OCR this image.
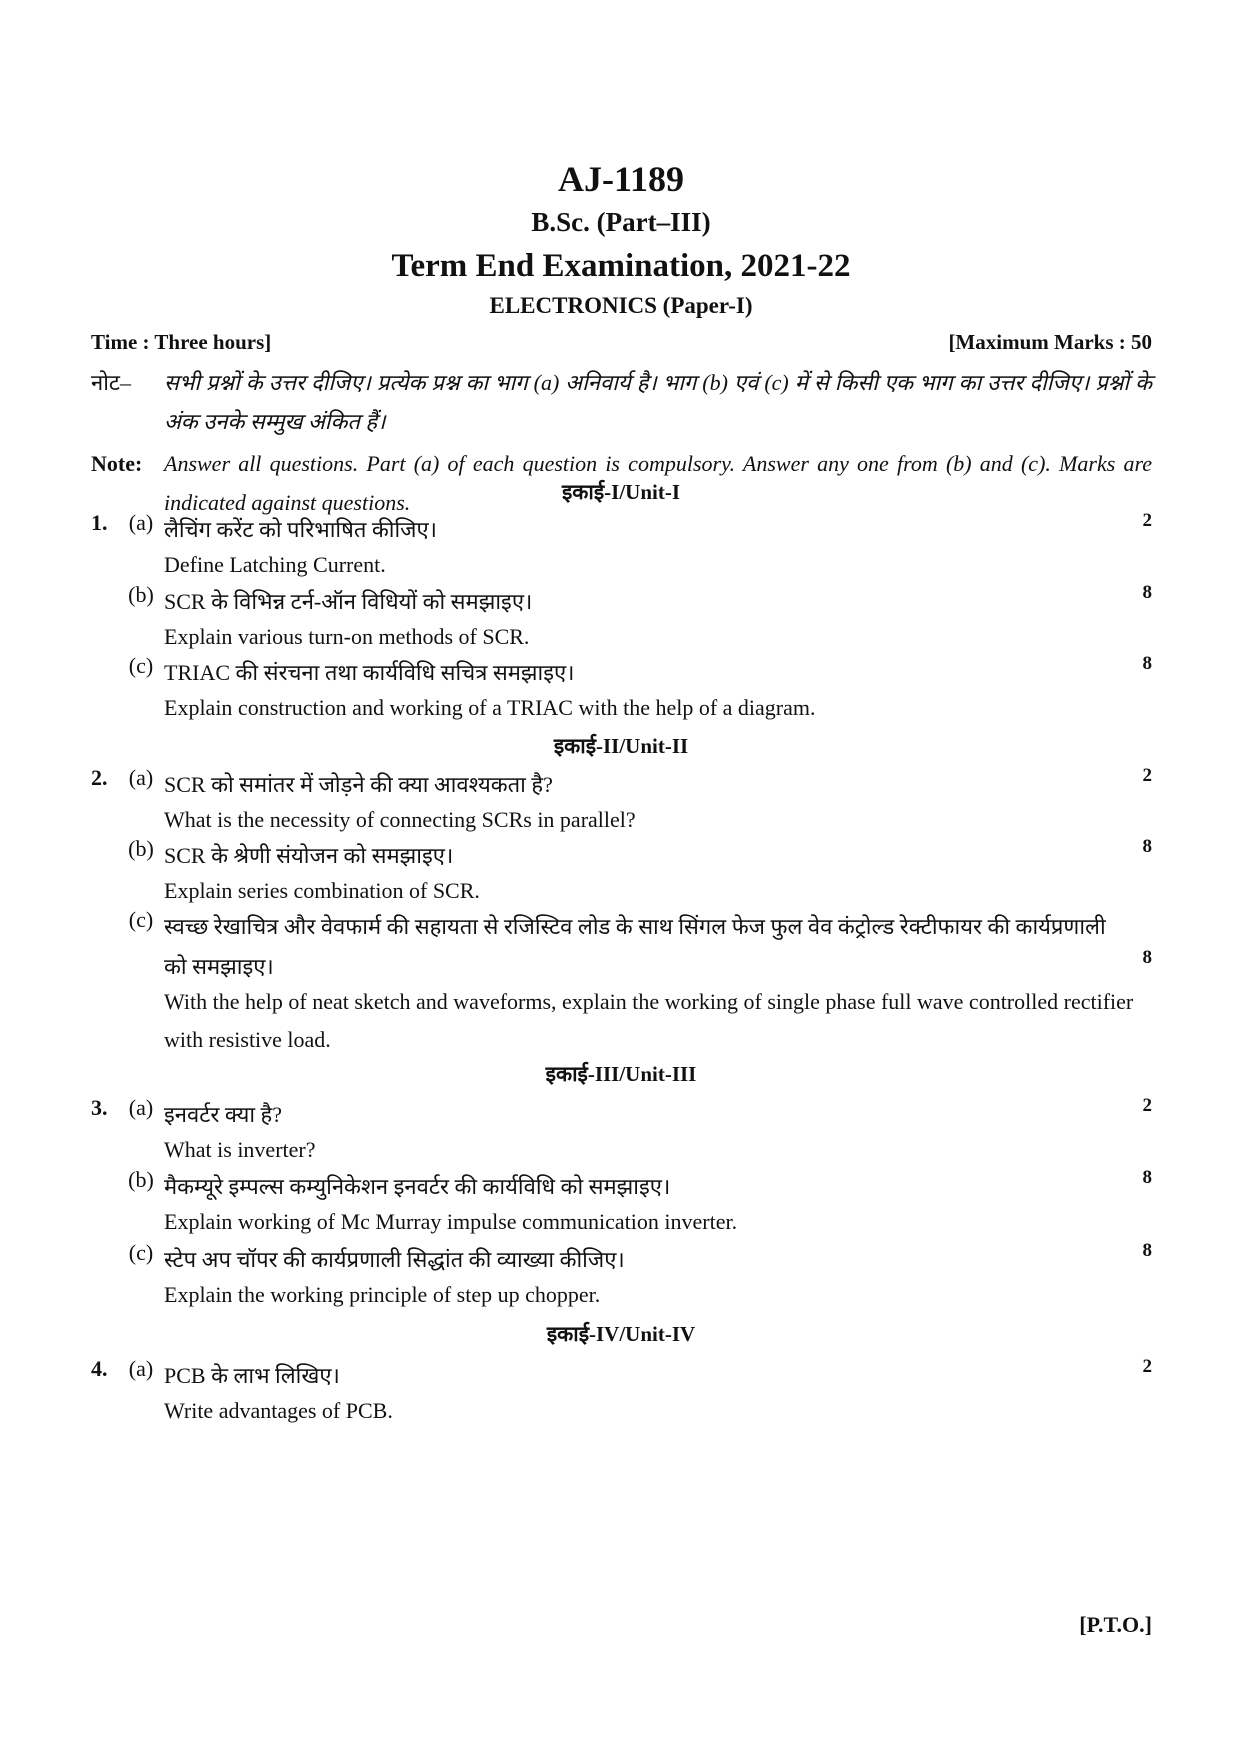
AJ-1189
B.Sc. (Part–III)
Term End Examination, 2021-22
ELECTRONICS (Paper-I)
Time : Three hours]	[Maximum Marks : 50
नोट– सभी प्रश्नों के उत्तर दीजिए। प्रत्येक प्रश्न का भाग (a) अनिवार्य है। भाग (b) एवं (c) में से किसी एक भाग का उत्तर दीजिए। प्रश्नों के अंक उनके सम्मुख अंकित हैं।
Note: Answer all questions. Part (a) of each question is compulsory. Answer any one from (b) and (c). Marks are indicated against questions.	इकाई-I/Unit-I
1. (a) लैचिंग करेंट को परिभाषित कीजिए।	2
Define Latching Current.
(b) SCR के विभिन्न टर्न-ऑन विधियों को समझाइए।	8
Explain various turn-on methods of SCR.
(c) TRIAC की संरचना तथा कार्यविधि सचित्र समझाइए।	8
Explain construction and working of a TRIAC with the help of a diagram.
इकाई-II/Unit-II
2. (a) SCR को समांतर में जोड़ने की क्या आवश्यकता है?	2
What is the necessity of connecting SCRs in parallel?
(b) SCR के श्रेणी संयोजन को समझाइए।	8
Explain series combination of SCR.
(c) स्वच्छ रेखाचित्र और वेवफार्म की सहायता से रजिस्टिव लोड के साथ सिंगल फेज फुल वेव कंट्रोल्ड रेक्टीफायर की कार्यप्रणाली को समझाइए।	8
With the help of neat sketch and waveforms, explain the working of single phase full wave controlled rectifier with resistive load.
इकाई-III/Unit-III
3. (a) इनवर्टर क्या है?	2
What is inverter?
(b) मैकम्यूरे इम्पल्स कम्युनिकेशन इनवर्टर की कार्यविधि को समझाइए।	8
Explain working of Mc Murray impulse communication inverter.
(c) स्टेप अप चॉपर की कार्यप्रणाली सिद्धांत की व्याख्या कीजिए।	8
Explain the working principle of step up chopper.
इकाई-IV/Unit-IV
4. (a) PCB के लाभ लिखिए।	2
Write advantages of PCB.
[P.T.O.]
